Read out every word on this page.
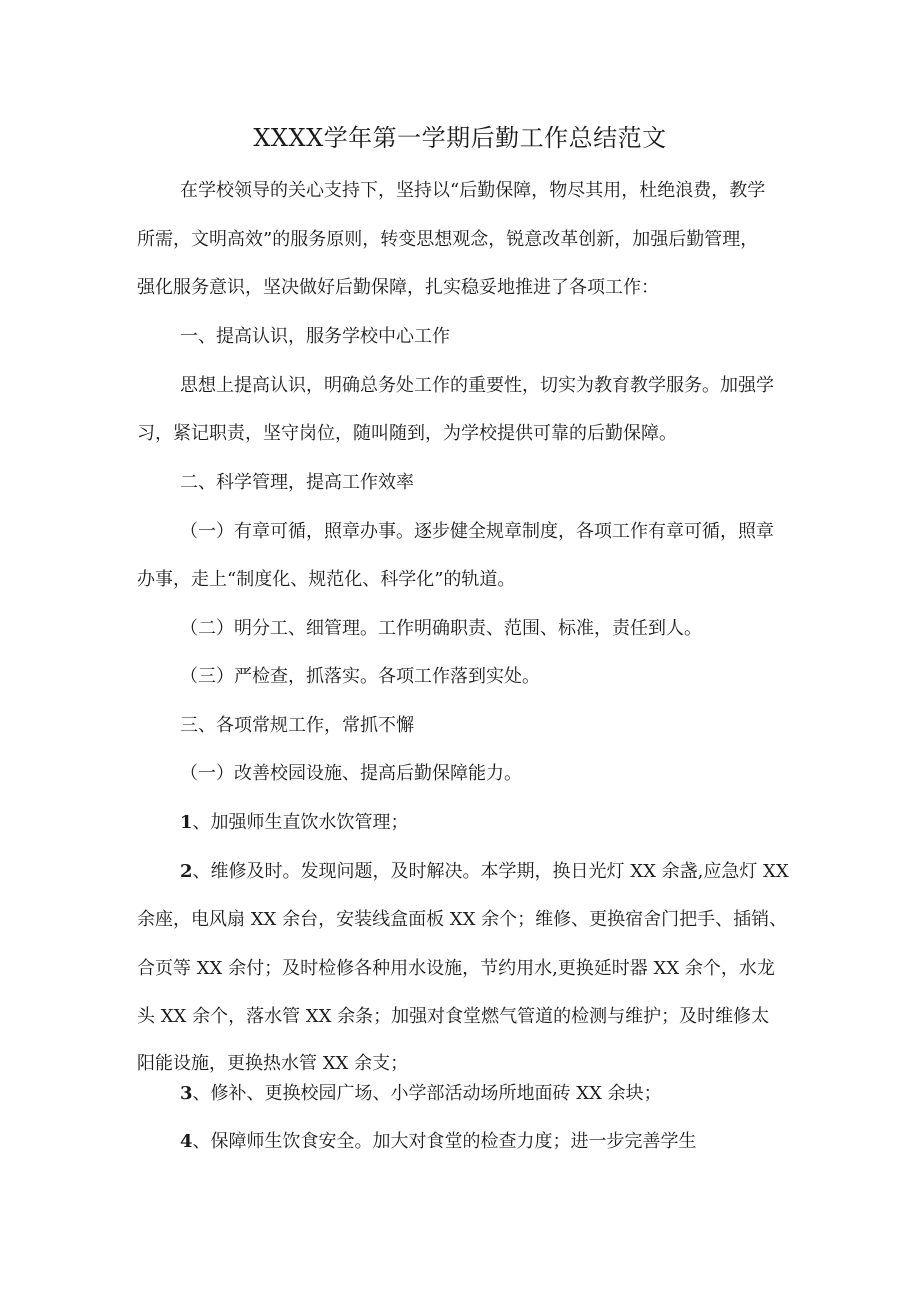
XXXX学年第一学期后勤工作总结范文
在学校领导的关心支持下，坚持以“后勤保障，物尽其用，杜绝浪费，教学
所需，文明高效”的服务原则，转变思想观念，锐意改革创新，加强后勤管理，
强化服务意识，坚决做好后勤保障，扎实稳妥地推进了各项工作：
一、提高认识，服务学校中心工作
思想上提高认识，明确总务处工作的重要性，切实为教育教学服务。加强学
习，紧记职责，坚守岗位，随叫随到，为学校提供可靠的后勤保障。
二、科学管理，提高工作效率
（一）有章可循，照章办事。逐步健全规章制度，各项工作有章可循，照章
办事，走上“制度化、规范化、科学化”的轨道。
（二）明分工、细管理。工作明确职责、范围、标准，责任到人。
（三）严检查，抓落实。各项工作落到实处。
三、各项常规工作，常抓不懈
（一）改善校园设施、提高后勤保障能力。
1、加强师生直饮水饮管理；
2、维修及时。发现问题，及时解决。本学期，换日光灯 XX 余盏,应急灯 XX
余座，电风扇 XX 余台，安装线盒面板 XX 余个；维修、更换宿舍门把手、插销、
合页等 XX 余付；及时检修各种用水设施，节约用水,更换延时器 XX 余个，水龙
头 XX 余个，落水管 XX 余条；加强对食堂燃气管道的检测与维护；及时维修太
阳能设施，更换热水管 XX 余支；
3、修补、更换校园广场、小学部活动场所地面砖 XX 余块；
4、保障师生饮食安全。加大对食堂的检查力度；进一步完善学生
